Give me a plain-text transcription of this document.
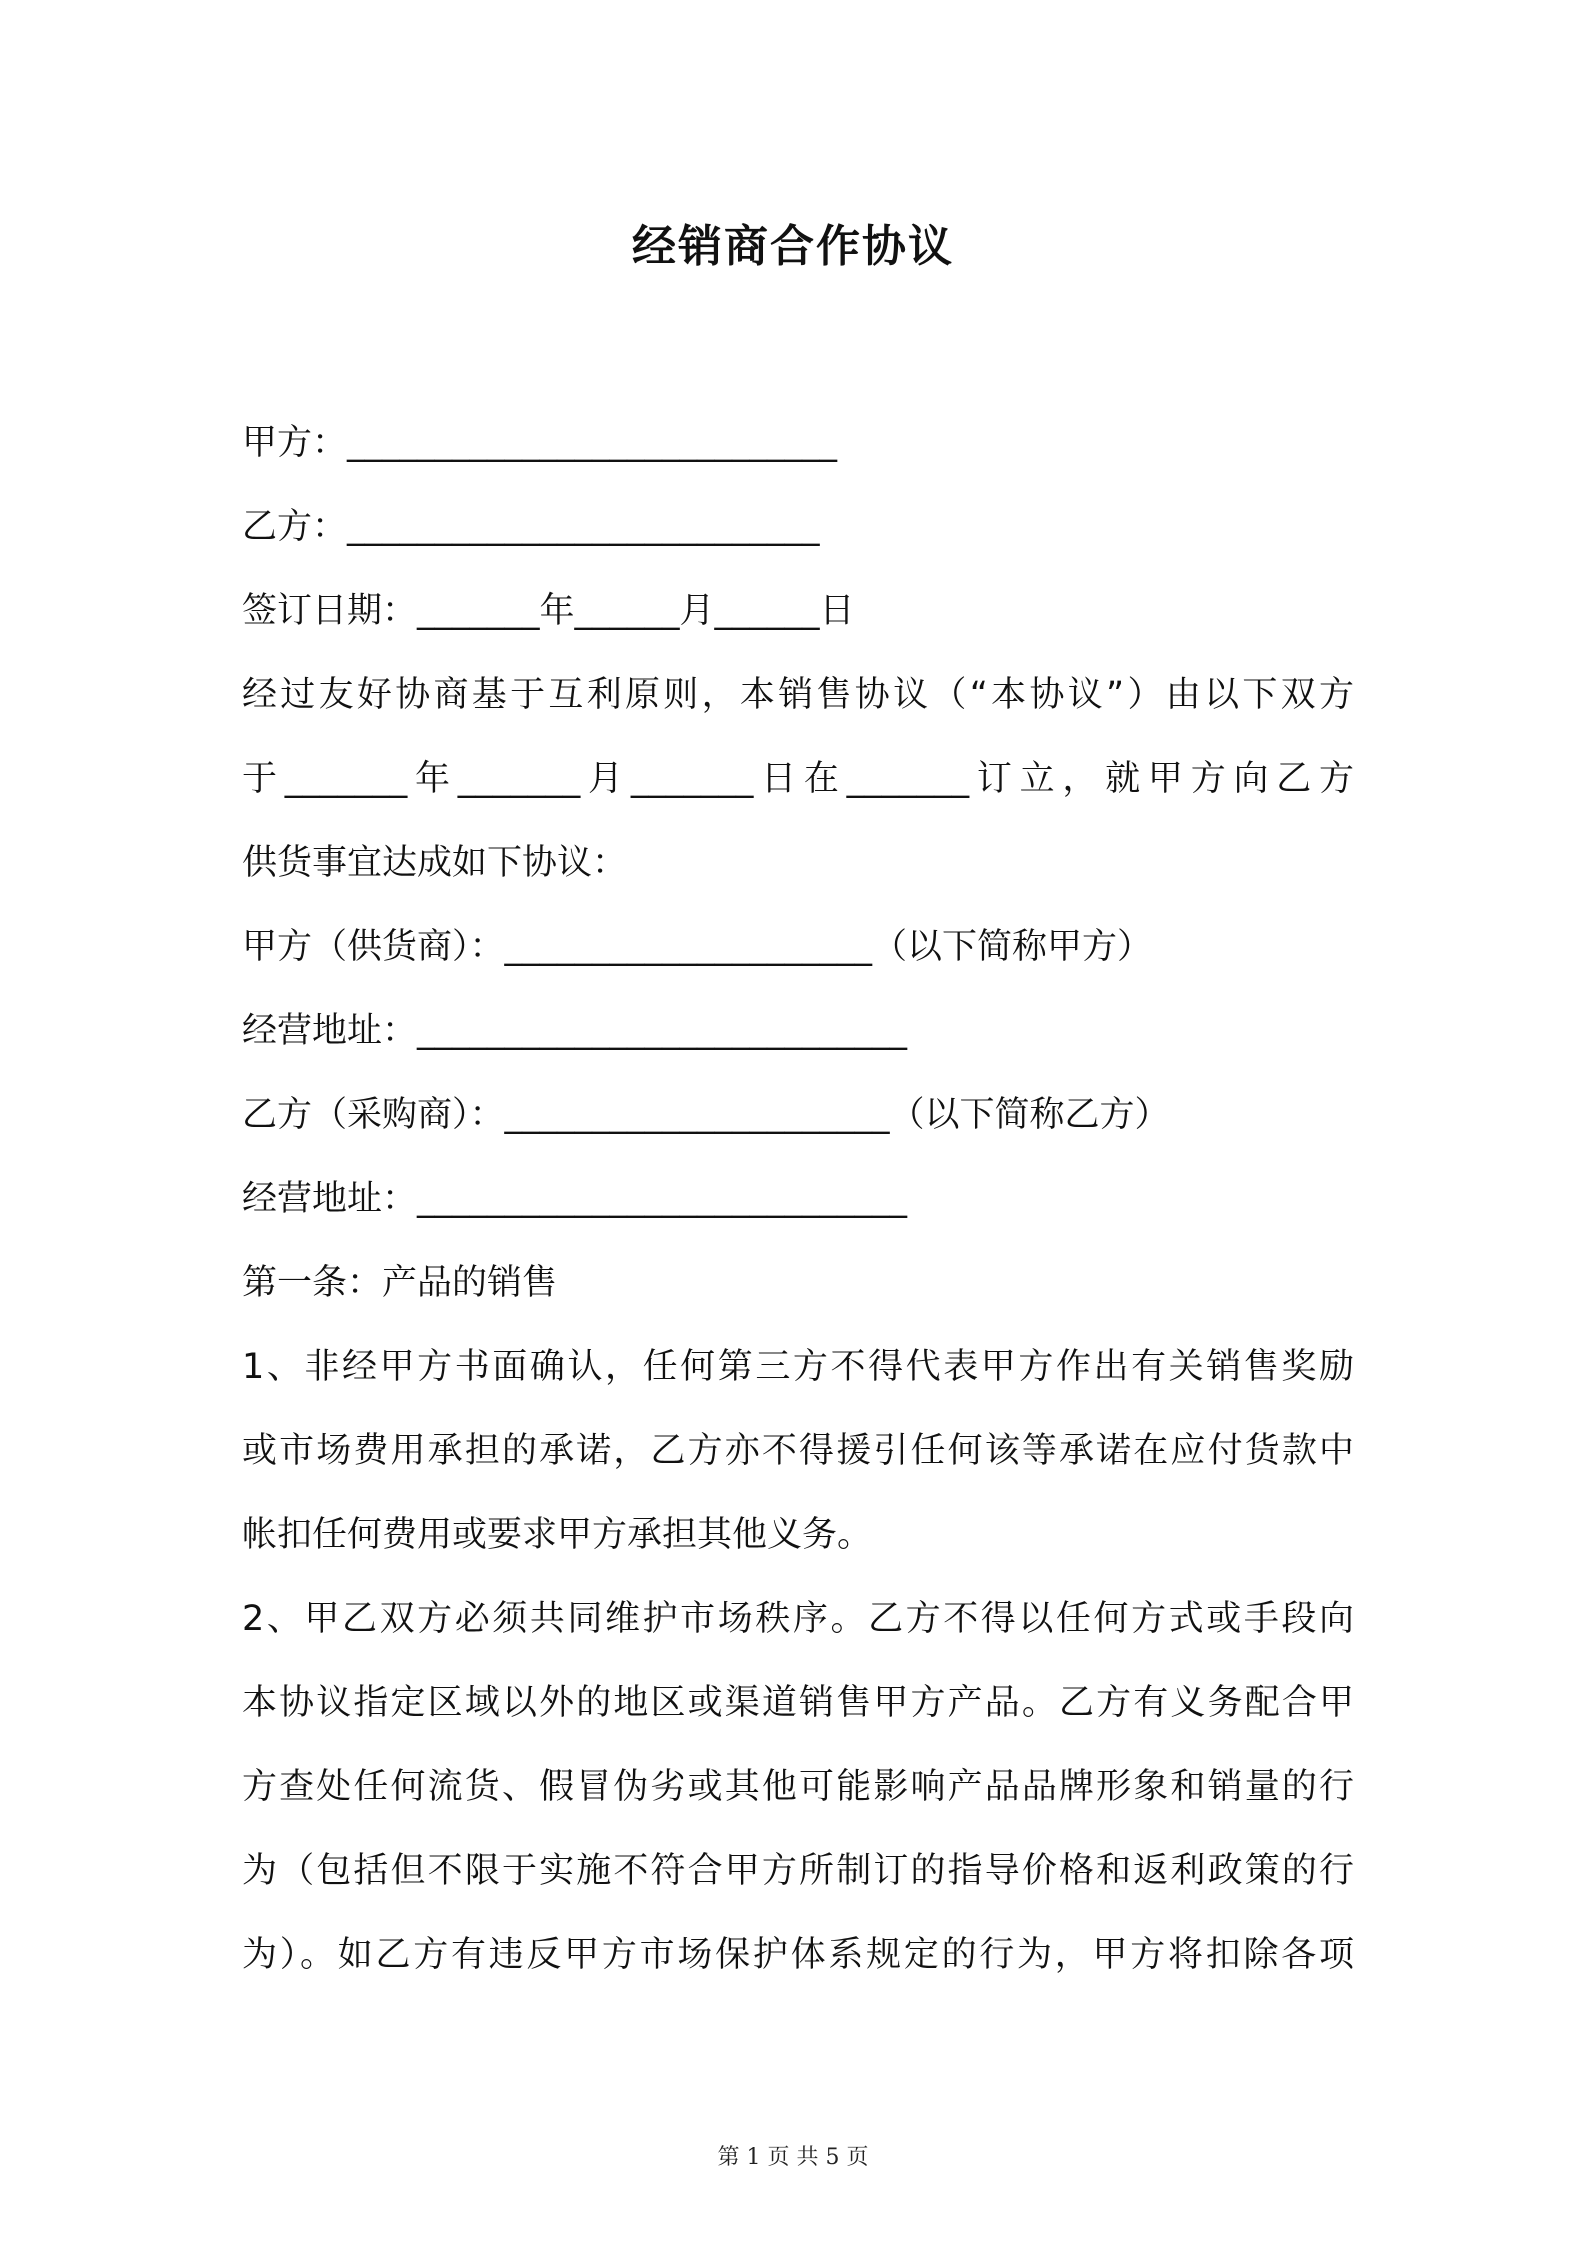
经销商合作协议
甲方：____________________________
乙方：___________________________
签订日期：_______年______月______日
经过友好协商基于互利原则，本销售协议（“本协议”）由以下双方
于_______年_______月_______日在_______订立，就甲方向乙方
供货事宜达成如下协议：
甲方（供货商）：_____________________（以下简称甲方）
经营地址：____________________________
乙方（采购商）：______________________（以下简称乙方）
经营地址：____________________________
第一条：产品的销售
1、非经甲方书面确认，任何第三方不得代表甲方作出有关销售奖励
或市场费用承担的承诺，乙方亦不得援引任何该等承诺在应付货款中
帐扣任何费用或要求甲方承担其他义务。
2、甲乙双方必须共同维护市场秩序。乙方不得以任何方式或手段向
本协议指定区域以外的地区或渠道销售甲方产品。乙方有义务配合甲
方查处任何流货、假冒伪劣或其他可能影响产品品牌形象和销量的行
为（包括但不限于实施不符合甲方所制订的指导价格和返利政策的行
为）。如乙方有违反甲方市场保护体系规定的行为，甲方将扣除各项
第 1 页 共 5 页
